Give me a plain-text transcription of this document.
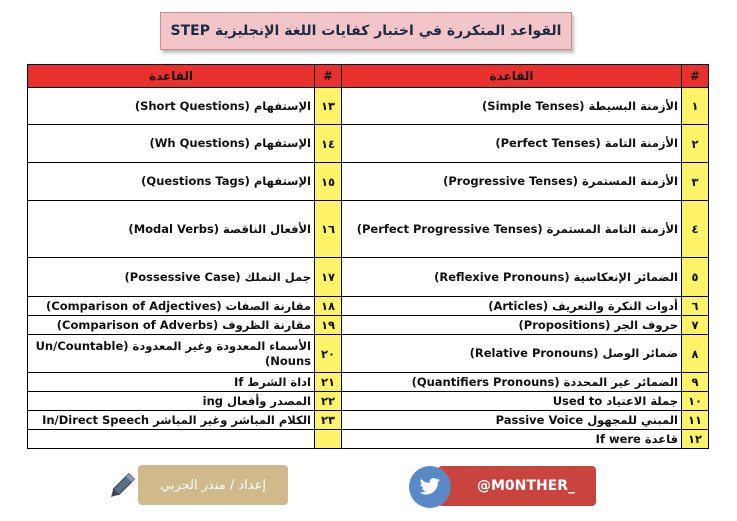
القواعد المتكررة في اختبار كفايات اللغة الإنجليزية STEP
القاعدة	#	القاعدة	#
الإستفهام (Short Questions)	١٣	الأزمنة البسيطة (Simple Tenses)	١
الإستفهام (Wh Questions)	١٤	الأزمنة التامة (Perfect Tenses)	٢
الإستفهام (Questions Tags)	١٥	الأزمنة المستمرة (Progressive Tenses)	٣
الأفعال الناقصة (Modal Verbs)	١٦	الأزمنة التامة المستمرة (Perfect Progressive Tenses)	٤
جمل التملك (Possessive Case)	١٧	الضمائر الإنعكاسية (Reflexive Pronouns)	٥
مقارنة الصفات (Comparison of Adjectives)	١٨	أدوات النكرة والتعريف (Articles)	٦
مقارنة الظروف (Comparison of Adverbs)	١٩	حروف الجر (Propositions)	٧
الأسماء المعدودة وغير المعدودة (Un/Countable Nouns)	٢٠	ضمائر الوصل (Relative Pronouns)	٨
اداة الشرط If	٢١	الضمائر غير المحددة (Quantifiers Pronouns)	٩
المصدر وأفعال ing	٢٢	جملة الاعتياد Used to	١٠
الكلام المباشر وغير المباشر In/Direct Speech	٢٣	المبني للمجهول Passive Voice	١١
		قاعدة If were	١٢
إعداد / منذر الحربي	@M0NTHER_
